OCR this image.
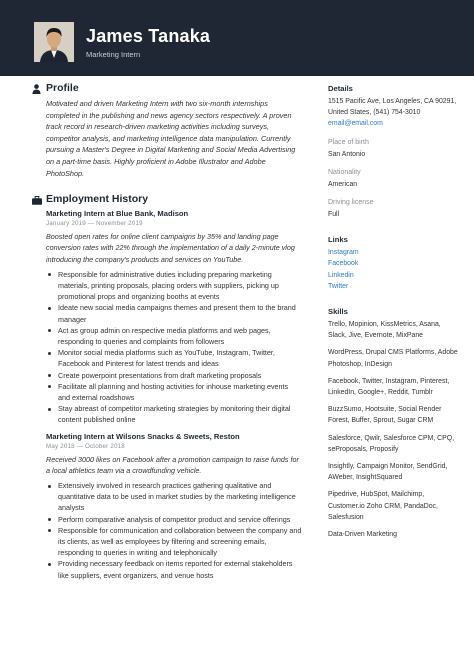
James Tanaka
Marketing Intern
Profile

Motivated and driven Marketing Intern with two six-month internships completed in the publishing and news agency sectors respectively. A proven track record in research-driven marketing activities including surveys, competitor analysis, and marketing intelligence data manipulation. Currently pursuing a Master's Degree in Digital Marketing and Social Media Advertising on a part-time basis. Highly proficient in Adobe Illustrator and Adobe PhotoShop.

Employment History
Marketing Intern at Blue Bank, Madison
January 2019 — November 2019

Boosted open rates for online client campaigns by 35% and landing page conversion rates with 22% through the implementation of a daily 2-minute vlog introducing the company's products and services on YouTube.

Responsible for administrative duties including preparing marketing materials, printing proposals, placing orders with suppliers, picking up promotional props and organizing booths at events
Ideate new social media campaigns themes and present them to the brand manager
Act as group admin on respective media platforms and web pages, responding to queries and complaints from followers
Monitor social media platforms such as YouTube, Instagram, Twitter, Facebook and Pinterest for latest trends and ideas
Create powerpoint presentations from draft marketing proposals
Facilitate all planning and hosting activities for inhouse marketing events and external roadshows
Stay abreast of competitor marketing strategies by monitoring their digital content published online
Marketing Intern at Wilsons Snacks & Sweets, Reston
May 2018 — October 2018

Received 3000 likes on Facebook after a promotion campaign to raise funds for a local athletics team via a crowdfunding vehicle.

Extensively involved in research practices gathering qualitative and quantitative data to be used in market studies by the marketing intelligence analysts
Perform comparative analysis of competitor product and service offerings
Responsible for communication and collaboration between the company and its clients, as well as employees by filtering and screening emails, responding to queries in writing and telephonically
Providing necessary feedback on items reported for external stakeholders like suppliers, event organizers, and venue hosts
Details
1515 Pacific Ave, Los Angeles, CA 90291, United States, (541) 754-3010
email@email.com
Place of birth
San Antonio
Nationality
American
Driving license
Full
Links
Instagram
Facebook
Linkedin
Twitter
Skills
Trello, Mopinion, KissMetrics, Asana, Slack, Jive, Evernote, MixPane
WordPress, Drupal CMS Platforms, Adobe Photoshop, InDesign
Facebook, Twitter, Instagram, Pinterest, LinkedIn, Google+, Reddit, Tumblr
BuzzSumo, Hootsuite, Social Render Forest, Buffer, Sprout, Sugar CRM
Salesforce, Qwilr, Salesforce CPM, CPQ, seProposals, Proposify
Insightly, Campaign Monitor, SendGrid, AWeber, InsightSquared
Pipedrive, HubSpot, Mailchimp, Customer.io Zoho CRM, PandaDoc, Salesfusion
Data-Driven Marketing
